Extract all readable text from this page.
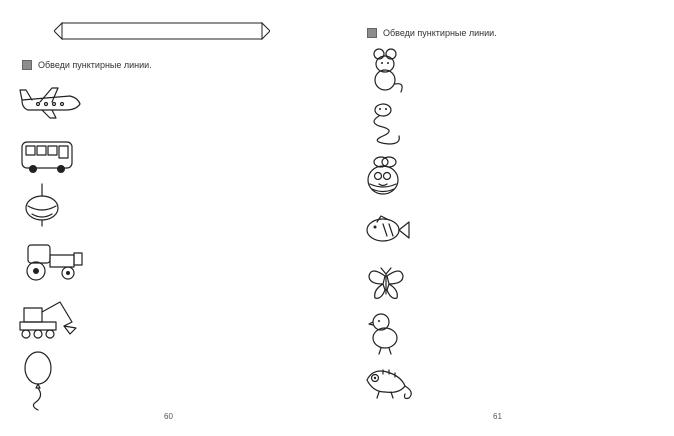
Обведи пунктирные линии.
60
Обведи пунктирные линии.
61
